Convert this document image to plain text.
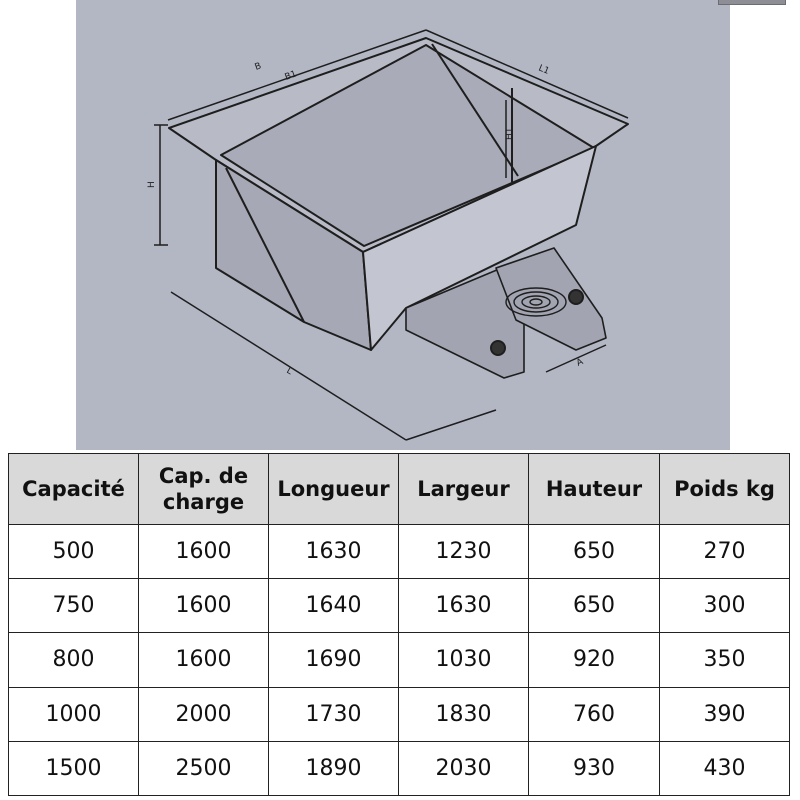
H
H1
B
B1	L1
L
A
Capacité	Cap. de charge	Longueur	Largeur	Hauteur	Poids kg
500	1600	1630	1230	650	270
750	1600	1640	1630	650	300
800	1600	1690	1030	920	350
1000	2000	1730	1830	760	390
1500	2500	1890	2030	930	430
